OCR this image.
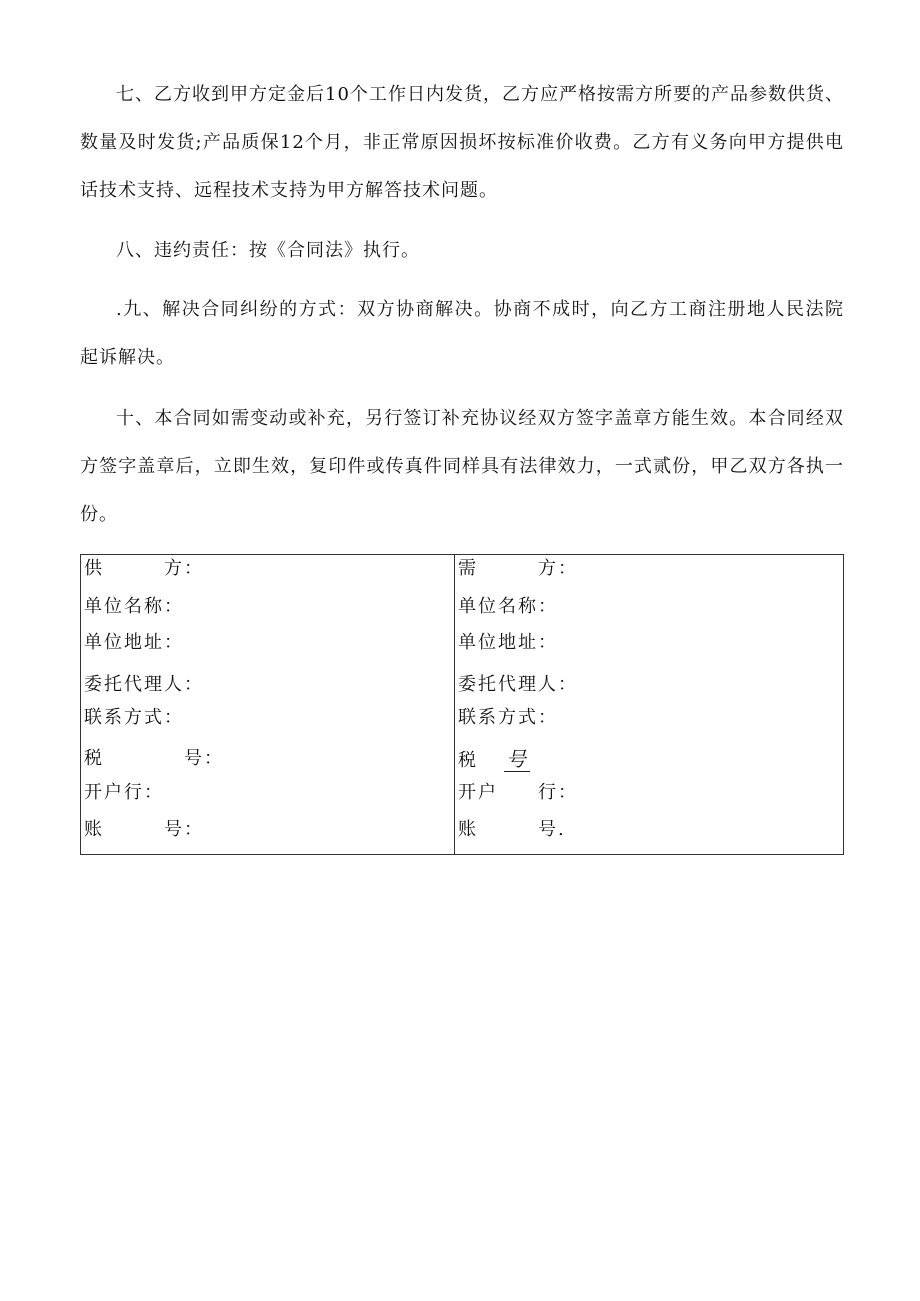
七、乙方收到甲方定金后10个工作日内发货，乙方应严格按需方所要的产品参数供货、数量及时发货;产品质保12个月，非正常原因损坏按标准价收费。乙方有义务向甲方提供电话技术支持、远程技术支持为甲方解答技术问题。

八、违约责任：按《合同法》执行。

.九、解决合同纠纷的方式：双方协商解决。协商不成时，向乙方工商注册地人民法院起诉解决。

十、本合同如需变动或补充，另行签订补充协议经双方签字盖章方能生效。本合同经双方签字盖章后，立即生效，复印件或传真件同样具有法律效力，一式贰份，甲乙双方各执一份。

供　　　方：

单位名称：

单位地址：

委托代理人：

联系方式：

税　　　　号：

开户行：

账　　　号：

需　　　方：

单位名称：

单位地址：

委托代理人：

联系方式：

税　 号

开户　　行：

账　　　号.
